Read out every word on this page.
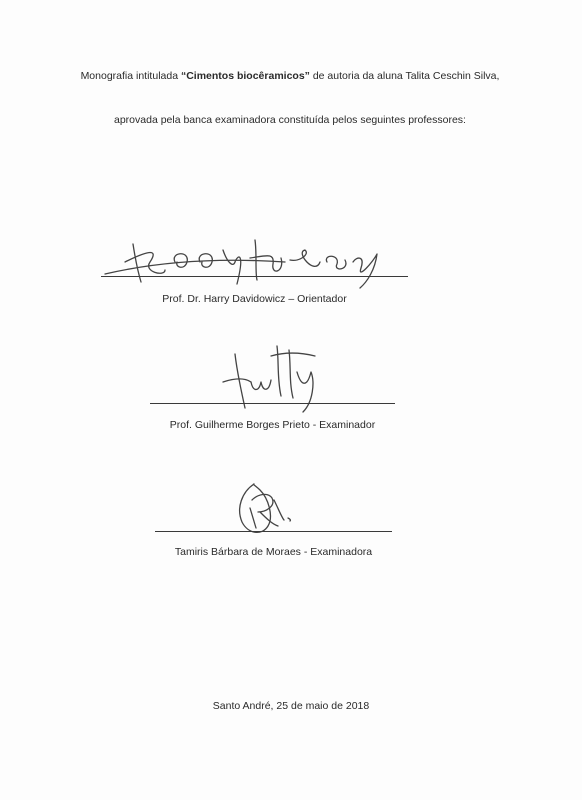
Monografia intitulada “Cimentos biocêramicos” de autoria da aluna Talita Ceschin Silva,
aprovada pela banca examinadora constituída pelos seguintes professores:
Prof. Dr. Harry Davidowicz – Orientador
Prof. Guilherme Borges Prieto - Examinador
Tamiris Bárbara de Moraes - Examinadora
Santo André, 25 de maio de 2018
